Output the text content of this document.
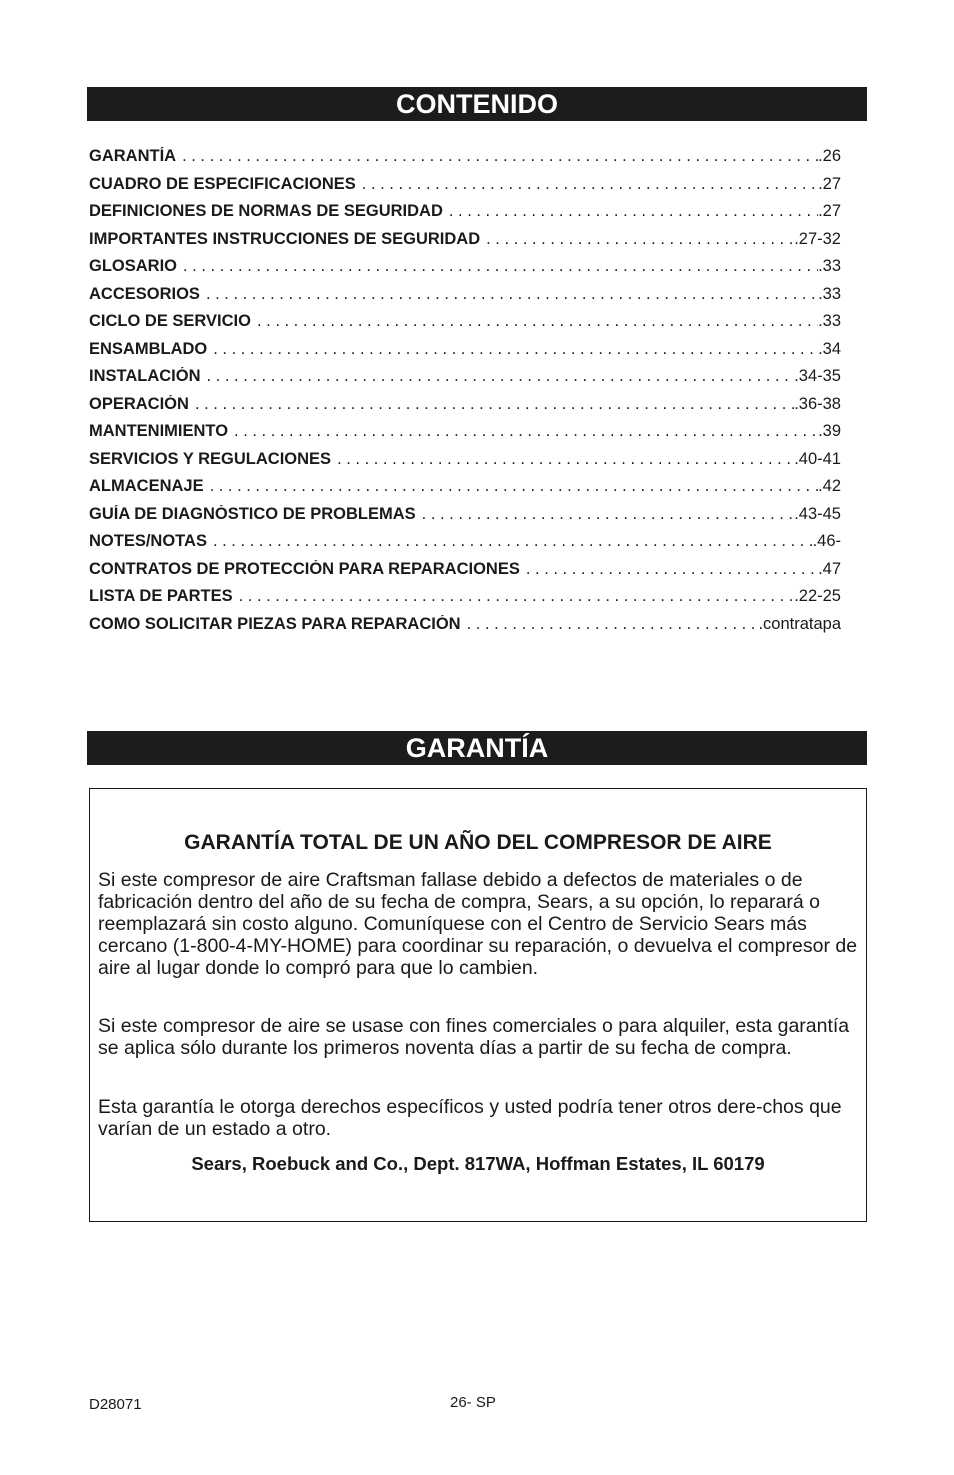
CONTENIDO
GARANTÍA . . .	.26
CUADRO DE ESPECIFICACIONES . . .	.27
DEFINICIONES DE NORMAS DE SEGURIDAD . . .	.27
IMPORTANTES INSTRUCCIONES DE SEGURIDAD . . .	.27-32
GLOSARIO . . .	.33
ACCESORIOS . . .	.33
CICLO DE SERVICIO . . .	.33
ENSAMBLADO . . .	.34
INSTALACIÓN . . .	.34-35
OPERACIÓN . . .	.36-38
MANTENIMIENTO . . .	.39
SERVICIOS Y REGULACIONES . . .	.40-41
ALMACENAJE . . .	.42
GUÍA DE DIAGNÓSTICO DE PROBLEMAS . . .	.43-45
NOTES/NOTAS . . .	.46-
CONTRATOS DE PROTECCIÓN PARA REPARACIONES . . .	.47
LISTA DE PARTES . . .	.22-25
COMO SOLICITAR PIEZAS PARA REPARACIÓN . . .	.contratapa
GARANTÍA
GARANTÍA TOTAL DE UN AÑO DEL COMPRESOR DE AIRE

Si este compresor de aire Craftsman fallase debido a defectos de materiales o de fabricación dentro del año de su fecha de compra, Sears, a su opción, lo reparará o reemplazará sin costo alguno. Comuníquese con el Centro de Servicio Sears más cercano (1-800-4-MY-HOME) para coordinar su reparación, o devuelva el compresor de aire al lugar donde lo compró para que lo cambien.

Si este compresor de aire se usase con fines comerciales o para alquiler, esta garantía se aplica sólo durante los primeros noventa días a partir de su fecha de compra.

Esta garantía le otorga derechos específicos y usted podría tener otros dere-chos que varían de un estado a otro.

Sears, Roebuck and Co., Dept. 817WA, Hoffman Estates, IL 60179
D28071	26- SP
